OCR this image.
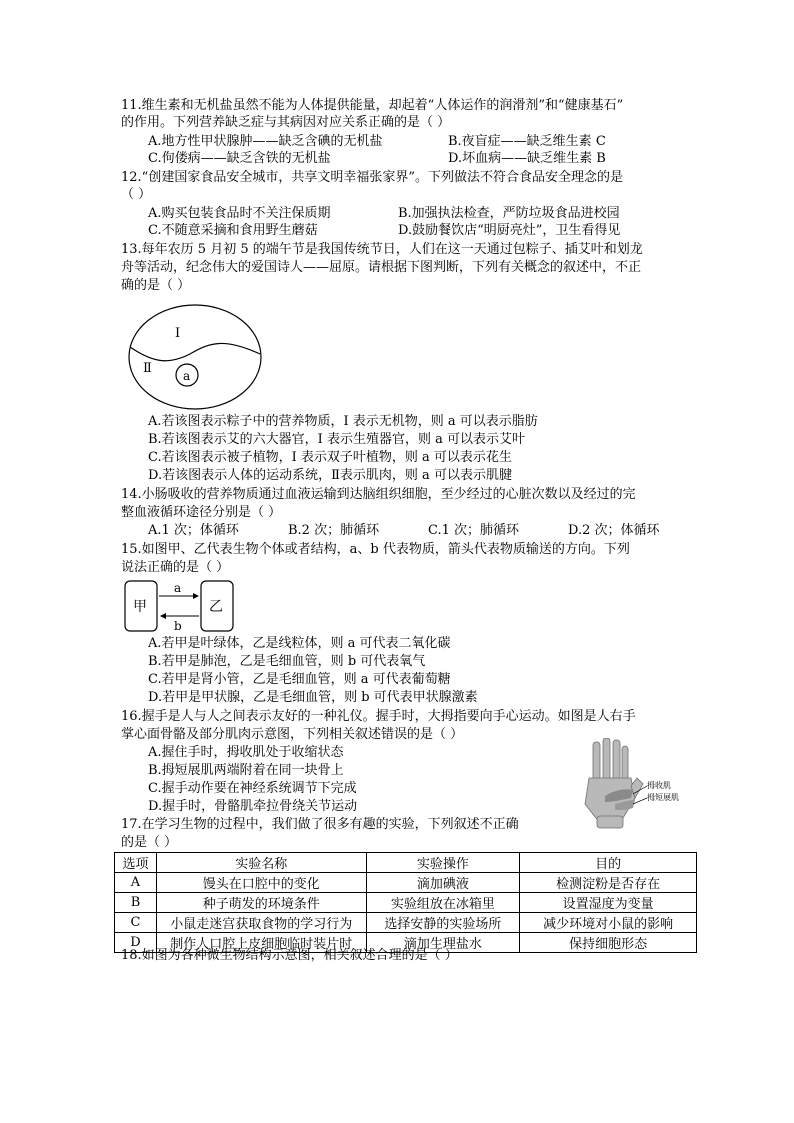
11.维生素和无机盐虽然不能为人体提供能量，却起着“人体运作的润滑剂”和“健康基石”
的作用。下列营养缺乏症与其病因对应关系正确的是（ ）
A.地方性甲状腺肿——缺乏含碘的无机盐	B.夜盲症——缺乏维生素 C
C.佝偻病——缺乏含铁的无机盐	D.坏血病——缺乏维生素 B
12.“创建国家食品安全城市，共享文明幸福张家界”。下列做法不符合食品安全理念的是
（ ）
A.购买包装食品时不关注保质期	B.加强执法检查，严防垃圾食品进校园
C.不随意采摘和食用野生蘑菇	D.鼓励餐饮店“明厨亮灶”，卫生看得见
13.每年农历 5 月初 5 的端午节是我国传统节日，人们在这一天通过包粽子、插艾叶和划龙
舟等活动，纪念伟大的爱国诗人——屈原。请根据下图判断，下列有关概念的叙述中，不正
确的是（ ）
I
Ⅱ	a
A.若该图表示粽子中的营养物质，I 表示无机物，则 a 可以表示脂肪
B.若该图表示艾的六大器官，I 表示生殖器官，则 a 可以表示艾叶
C.若该图表示被子植物，I 表示双子叶植物，则 a 可以表示花生
D.若该图表示人体的运动系统，Ⅱ表示肌肉，则 a 可以表示肌腱
14.小肠吸收的营养物质通过血液运输到达脑组织细胞，至少经过的心脏次数以及经过的完
整血液循环途径分别是（ ）
A.1 次；体循环	B.2 次；肺循环	C.1 次；肺循环	D.2 次；体循环
15.如图甲、乙代表生物个体或者结构，a、b 代表物质，箭头代表物质输送的方向。下列
说法正确的是（ ）
甲	乙
a
b
A.若甲是叶绿体，乙是线粒体，则 a 可代表二氧化碳
B.若甲是肺泡，乙是毛细血管，则 b 可代表氧气
C.若甲是肾小管，乙是毛细血管，则 a 可代表葡萄糖
D.若甲是甲状腺，乙是毛细血管，则 b 可代表甲状腺激素
16.握手是人与人之间表示友好的一种礼仪。握手时，大拇指要向手心运动。如图是人右手
掌心面骨骼及部分肌肉示意图，下列相关叙述错误的是（ ）
A.握住手时，拇收肌处于收缩状态
B.拇短展肌两端附着在同一块骨上
C.握手动作要在神经系统调节下完成
D.握手时，骨骼肌牵拉骨绕关节运动
拇收肌
拇短展肌
17.在学习生物的过程中，我们做了很多有趣的实验，下列叙述不正确
的是（ ）
选项	实验名称	实验操作	目的
A	馒头在口腔中的变化	滴加碘液	检测淀粉是否存在
B	种子萌发的环境条件	实验组放在冰箱里	设置湿度为变量
C	小鼠走迷宫获取食物的学习行为	选择安静的实验场所	减少环境对小鼠的影响
D	制作人口腔上皮细胞临时装片时	滴加生理盐水	保持细胞形态
18.如图为各种微生物结构示意图，相关叙述合理的是（ ）
